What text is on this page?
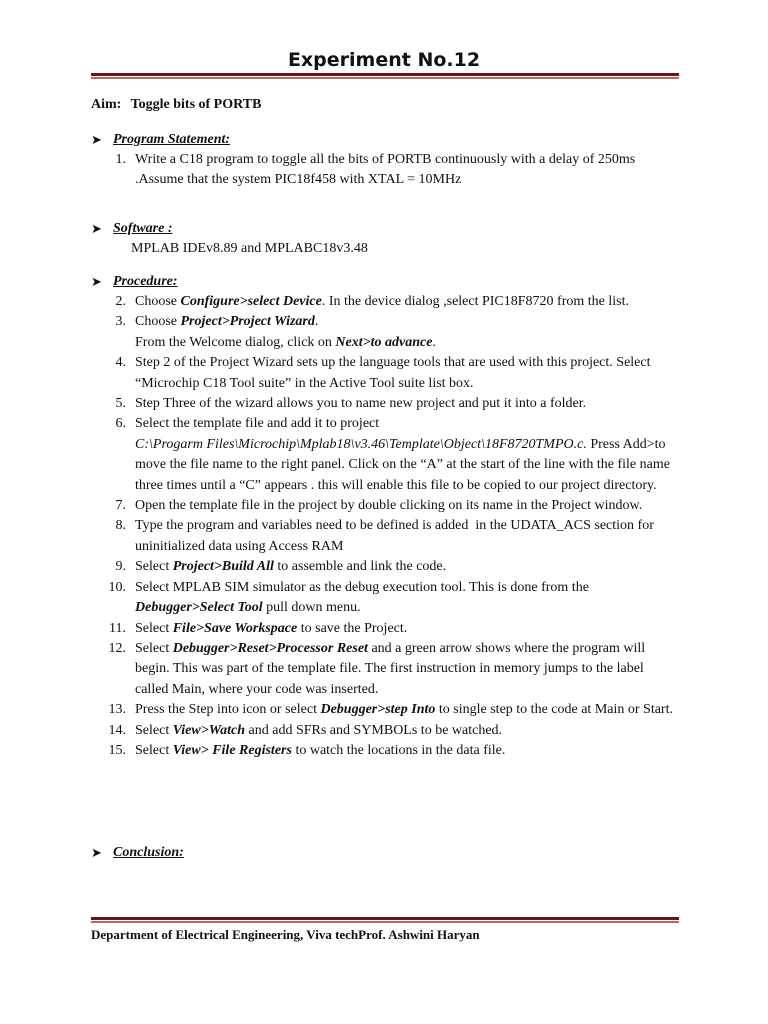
Experiment No.12
Aim: Toggle bits of PORTB
➤ Program Statement:
1. Write a C18 program to toggle all the bits of PORTB continuously with a delay of 250ms
.Assume that the system PIC18f458 with XTAL = 10MHz
➤ Software :
MPLAB IDEv8.89 and MPLABC18v3.48
➤ Procedure:
2. Choose Configure>select Device. In the device dialog ,select PIC18F8720 from the list.
3. Choose Project>Project Wizard.
From the Welcome dialog, click on Next>to advance.
4. Step 2 of the Project Wizard sets up the language tools that are used with this project. Select “Microchip C18 Tool suite” in the Active Tool suite list box.
5. Step Three of the wizard allows you to name new project and put it into a folder.
6. Select the template file and add it to project
C:\Progarm Files\Microchip\Mplab18\v3.46\Template\Object\18F8720TMPO.c. Press Add>to move the file name to the right panel. Click on the “A” at the start of the line with the file name three times until a “C” appears . this will enable this file to be copied to our project directory.
7. Open the template file in the project by double clicking on its name in the Project window.
8. Type the program and variables need to be defined is added  in the UDATA_ACS section for uninitialized data using Access RAM
9. Select Project>Build All to assemble and link the code.
10. Select MPLAB SIM simulator as the debug execution tool. This is done from the Debugger>Select Tool pull down menu.
11. Select File>Save Workspace to save the Project.
12. Select Debugger>Reset>Processor Reset and a green arrow shows where the program will begin. This was part of the template file. The first instruction in memory jumps to the label called Main, where your code was inserted.
13. Press the Step into icon or select Debugger>step Into to single step to the code at Main or Start.
14. Select View>Watch and add SFRs and SYMBOLs to be watched.
15. Select View> File Registers to watch the locations in the data file.
➤ Conclusion:
Department of Electrical Engineering, Viva techProf. Ashwini Haryan
